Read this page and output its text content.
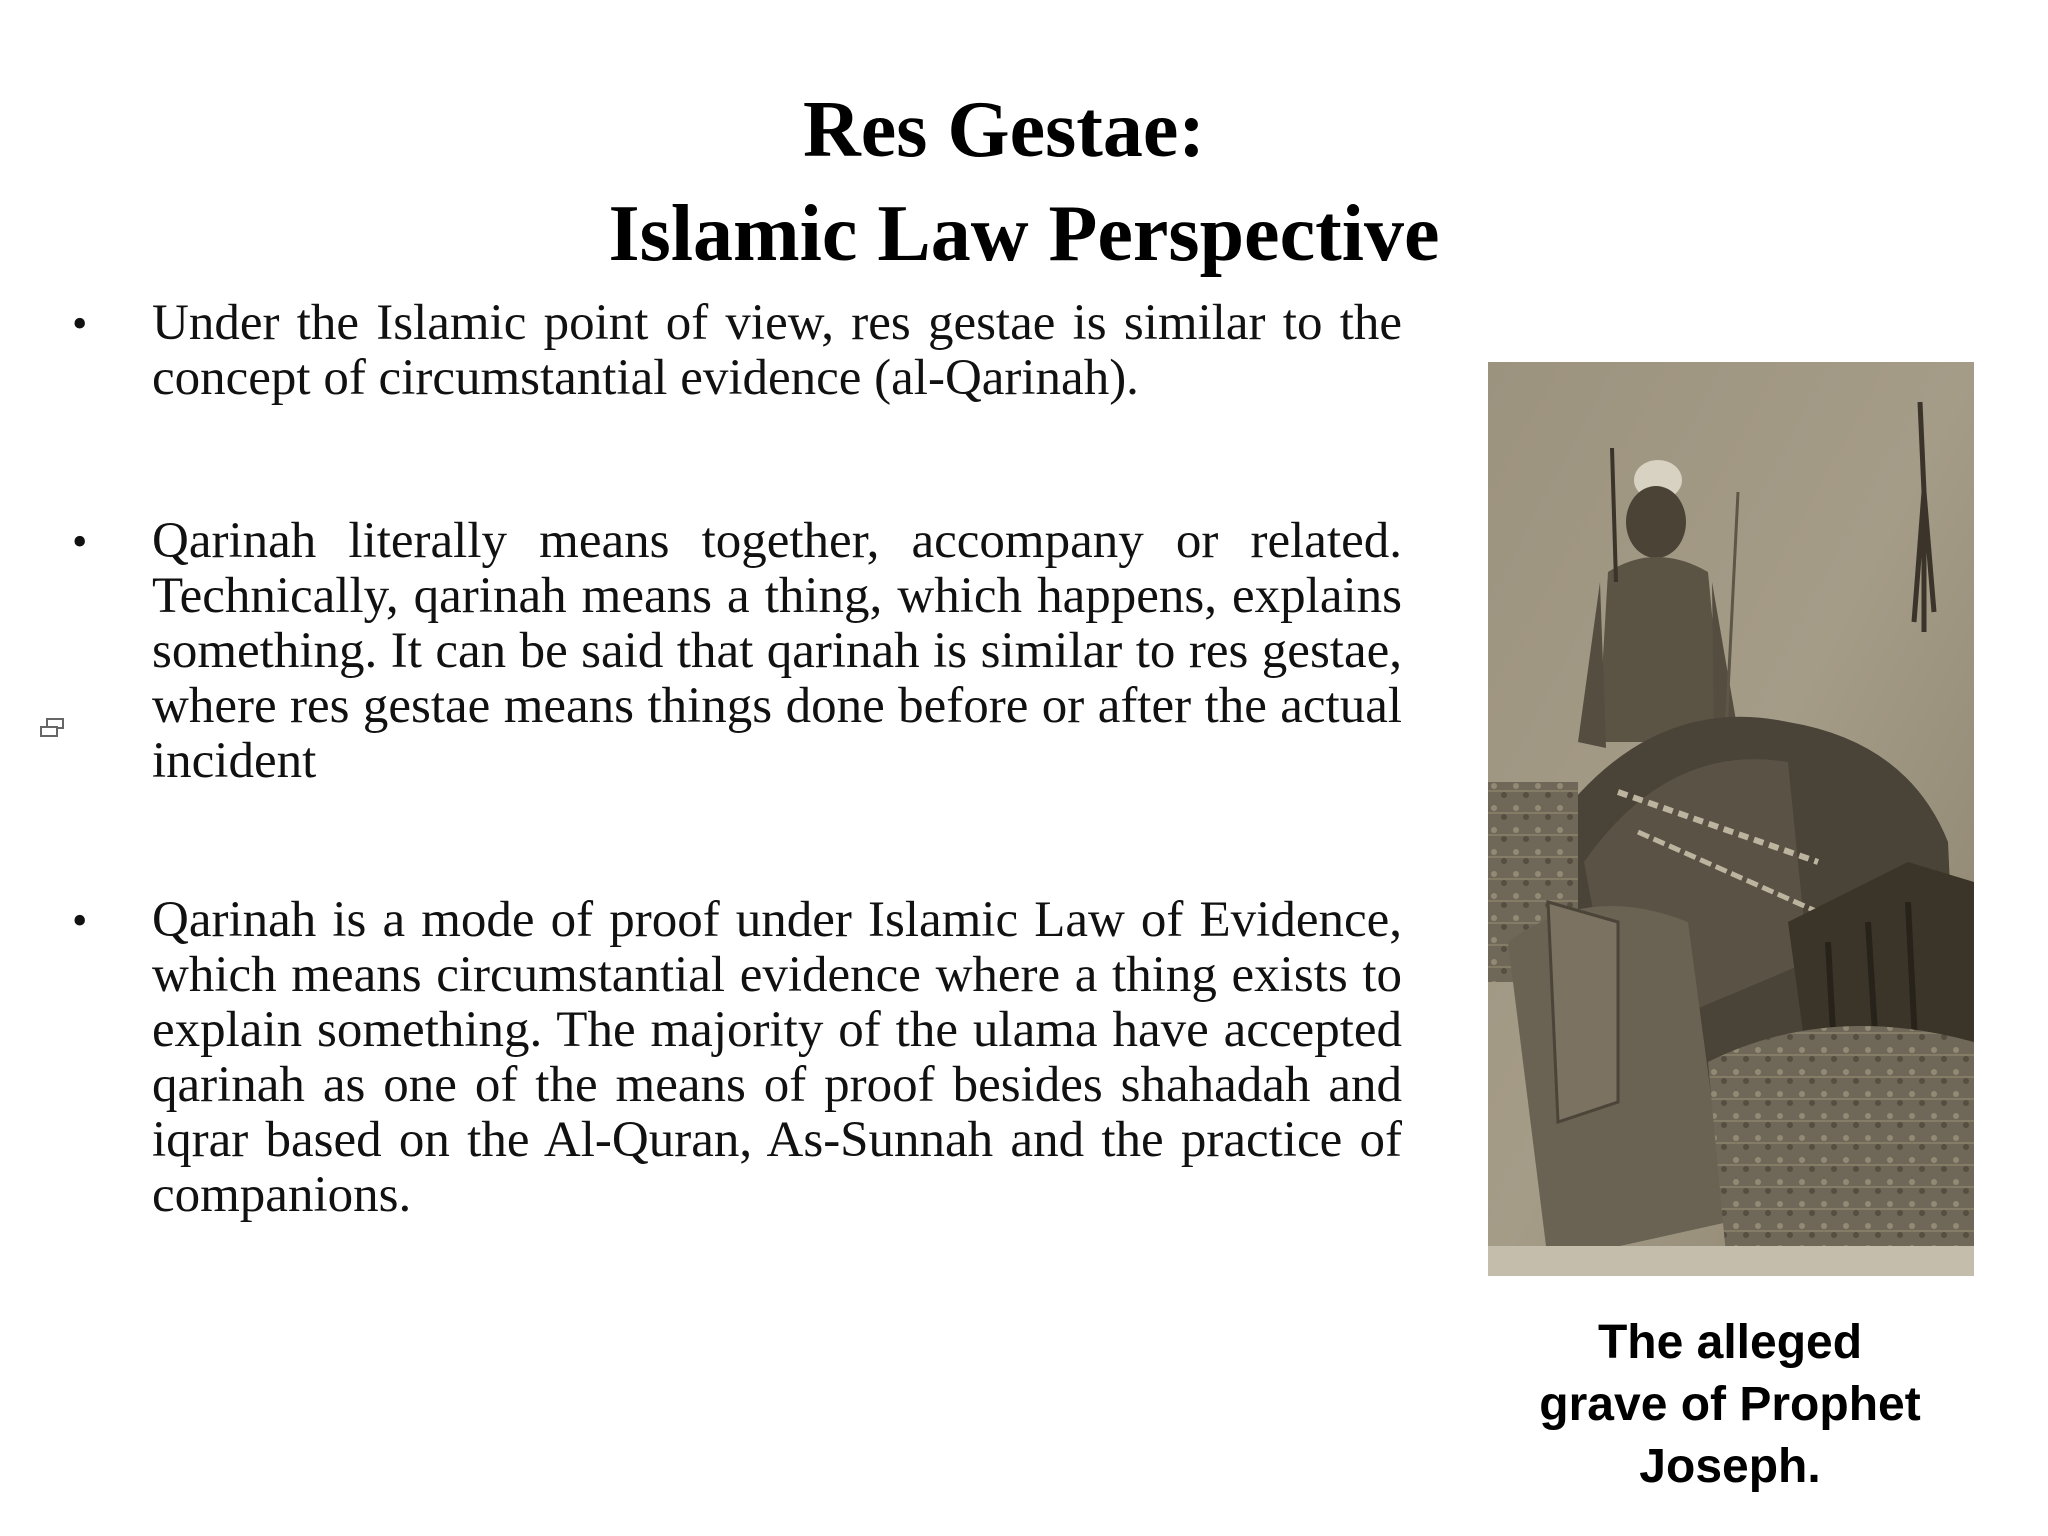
Res Gestae:
Islamic Law Perspective
• Under the Islamic point of view, res gestae is similar to the concept of circumstantial evidence (al-Qarinah).
• Qarinah literally means together, accompany or related. Technically, qarinah means a thing, which happens, explains something. It can be said that qarinah is similar to res gestae, where res gestae means things done before or after the actual incident
• Qarinah is a mode of proof under Islamic Law of Evidence, which means circumstantial evidence where a thing exists to explain something. The majority of the ulama have accepted qarinah as one of the means of proof besides shahadah and iqrar based on the Al-Quran, As-Sunnah and the practice of companions.
The alleged
grave of Prophet
Joseph.
